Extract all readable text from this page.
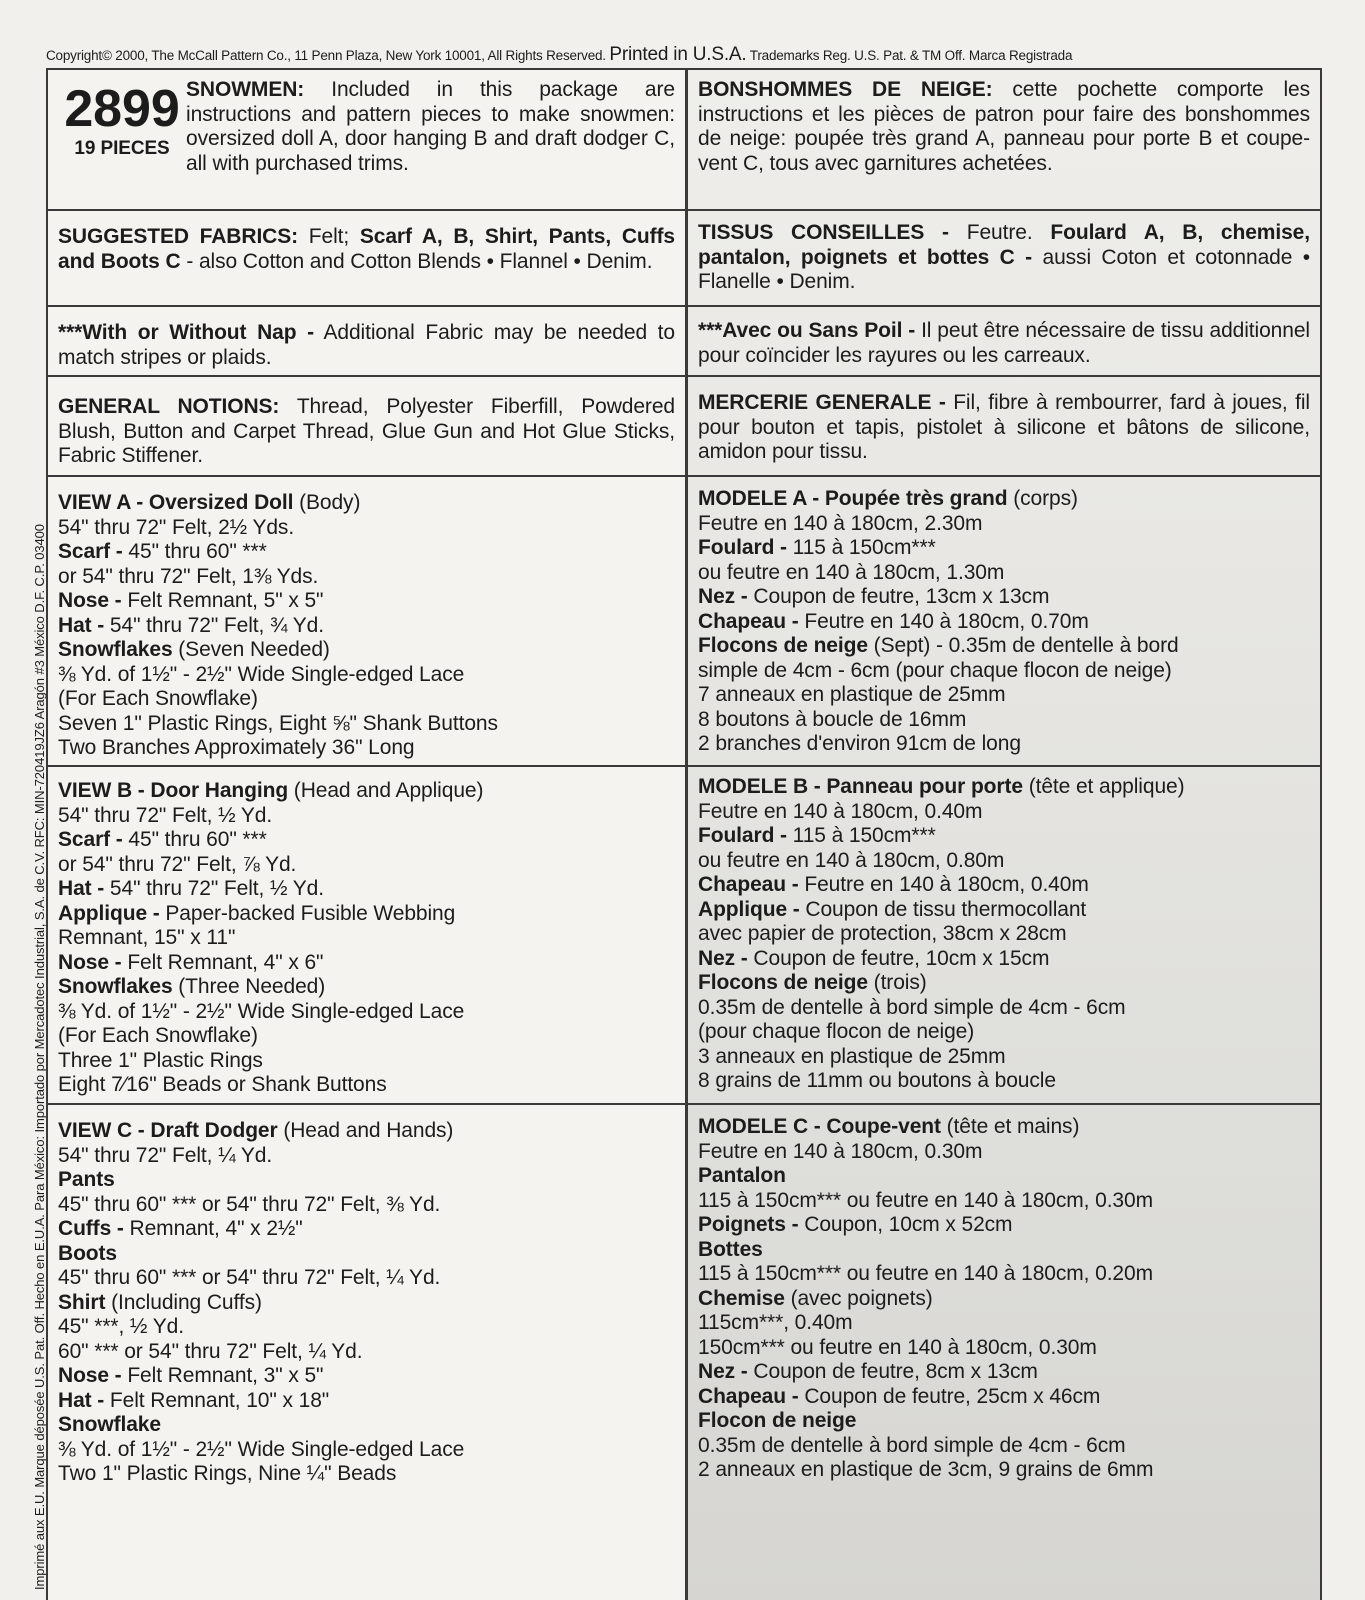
Copyright© 2000, The McCall Pattern Co., 11 Penn Plaza, New York 10001, All Rights Reserved. Printed in U.S.A. Trademarks Reg. U.S. Pat. & TM Off. Marca Registrada
Imprimé aux E.U. Marque déposée U.S. Pat. Off. Hecho en E.U.A. Para México: Importado por Mercadotec Industrial, S.A. de C.V. RFC: MIN-720419JZ6 Aragón #3 México D.F. C.P. 03400
2899
19 PIECES
SNOWMEN: Included in this package are instructions and pattern pieces to make snowmen: oversized doll A, door hanging B and draft dodger C, all with purchased trims.
SUGGESTED FABRICS: Felt; Scarf A, B, Shirt, Pants, Cuffs and Boots C - also Cotton and Cotton Blends • Flannel • Denim.
***With or Without Nap - Additional Fabric may be needed to match stripes or plaids.
GENERAL NOTIONS: Thread, Polyester Fiberfill, Powdered Blush, Button and Carpet Thread, Glue Gun and Hot Glue Sticks, Fabric Stiffener.
VIEW A - Oversized Doll (Body)
54" thru 72" Felt, 2½ Yds.
Scarf - 45" thru 60" ***
or 54" thru 72" Felt, 1⅜ Yds.
Nose - Felt Remnant, 5" x 5"
Hat - 54" thru 72" Felt, ¾ Yd.
Snowflakes (Seven Needed)
⅜ Yd. of 1½" - 2½" Wide Single-edged Lace
(For Each Snowflake)
Seven 1" Plastic Rings, Eight ⅝" Shank Buttons
Two Branches Approximately 36" Long
VIEW B - Door Hanging (Head and Applique)
54" thru 72" Felt, ½ Yd.
Scarf - 45" thru 60" ***
or 54" thru 72" Felt, ⅞ Yd.
Hat - 54" thru 72" Felt, ½ Yd.
Applique - Paper-backed Fusible Webbing
Remnant, 15" x 11"
Nose - Felt Remnant, 4" x 6"
Snowflakes (Three Needed)
⅜ Yd. of 1½" - 2½" Wide Single-edged Lace
(For Each Snowflake)
Three 1" Plastic Rings
Eight 7⁄16" Beads or Shank Buttons
VIEW C - Draft Dodger (Head and Hands)
54" thru 72" Felt, ¼ Yd.
Pants
45" thru 60" *** or 54" thru 72" Felt, ⅜ Yd.
Cuffs - Remnant, 4" x 2½"
Boots
45" thru 60" *** or 54" thru 72" Felt, ¼ Yd.
Shirt (Including Cuffs)
45" ***, ½ Yd.
60" *** or 54" thru 72" Felt, ¼ Yd.
Nose - Felt Remnant, 3" x 5"
Hat - Felt Remnant, 10" x 18"
Snowflake
⅜ Yd. of 1½" - 2½" Wide Single-edged Lace
Two 1" Plastic Rings, Nine ¼" Beads
BONSHOMMES DE NEIGE: cette pochette comporte les instructions et les pièces de patron pour faire des bonshommes de neige: poupée très grand A, panneau pour porte B et coupe-vent C, tous avec garnitures achetées.
TISSUS CONSEILLES - Feutre. Foulard A, B, chemise, pantalon, poignets et bottes C - aussi Coton et cotonnade • Flanelle • Denim.
***Avec ou Sans Poil - Il peut être nécessaire de tissu additionnel pour coïncider les rayures ou les carreaux.
MERCERIE GENERALE - Fil, fibre à rembourrer, fard à joues, fil pour bouton et tapis, pistolet à silicone et bâtons de silicone, amidon pour tissu.
MODELE A - Poupée très grand (corps)
Feutre en 140 à 180cm, 2.30m
Foulard - 115 à 150cm***
ou feutre en 140 à 180cm, 1.30m
Nez - Coupon de feutre, 13cm x 13cm
Chapeau - Feutre en 140 à 180cm, 0.70m
Flocons de neige (Sept) - 0.35m de dentelle à bord
simple de 4cm - 6cm (pour chaque flocon de neige)
7 anneaux en plastique de 25mm
8 boutons à boucle de 16mm
2 branches d'environ 91cm de long
MODELE B - Panneau pour porte (tête et applique)
Feutre en 140 à 180cm, 0.40m
Foulard - 115 à 150cm***
ou feutre en 140 à 180cm, 0.80m
Chapeau - Feutre en 140 à 180cm, 0.40m
Applique - Coupon de tissu thermocollant
avec papier de protection, 38cm x 28cm
Nez - Coupon de feutre, 10cm x 15cm
Flocons de neige (trois)
0.35m de dentelle à bord simple de 4cm - 6cm
(pour chaque flocon de neige)
3 anneaux en plastique de 25mm
8 grains de 11mm ou boutons à boucle
MODELE C - Coupe-vent (tête et mains)
Feutre en 140 à 180cm, 0.30m
Pantalon
115 à 150cm*** ou feutre en 140 à 180cm, 0.30m
Poignets - Coupon, 10cm x 52cm
Bottes
115 à 150cm*** ou feutre en 140 à 180cm, 0.20m
Chemise (avec poignets)
115cm***, 0.40m
150cm*** ou feutre en 140 à 180cm, 0.30m
Nez - Coupon de feutre, 8cm x 13cm
Chapeau - Coupon de feutre, 25cm x 46cm
Flocon de neige
0.35m de dentelle à bord simple de 4cm - 6cm
2 anneaux en plastique de 3cm, 9 grains de 6mm
